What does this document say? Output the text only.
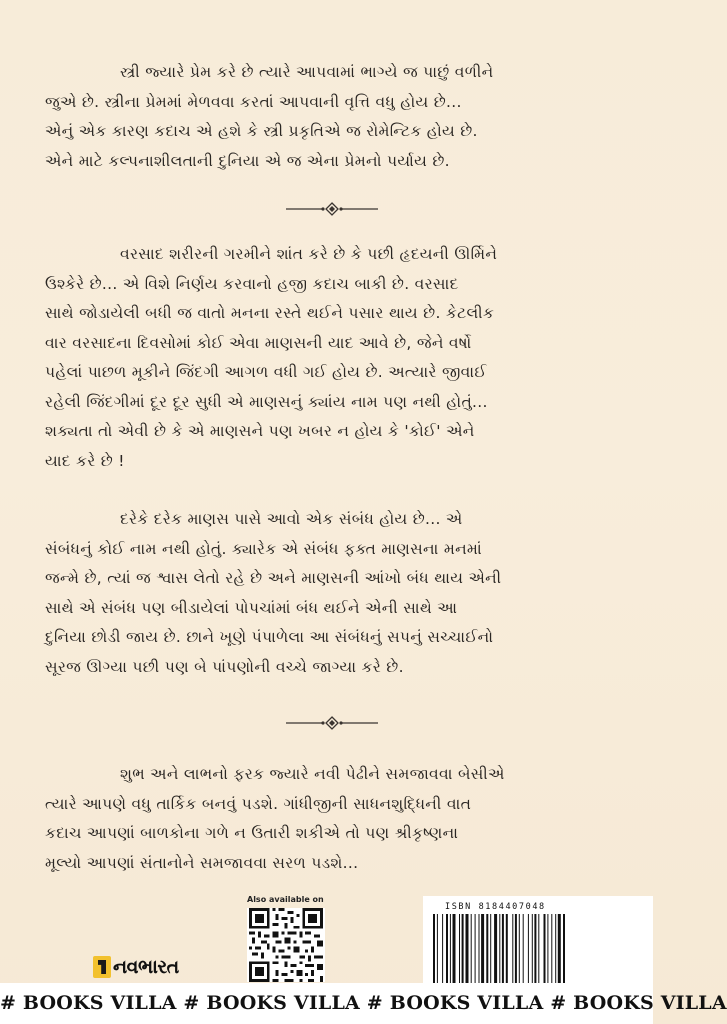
સ્ત્રી જ્યારે પ્રેમ કરે છે ત્યારે આપવામાં ભાગ્યે જ પાછું વળીને
જુએ છે. સ્ત્રીના પ્રેમમાં મેળવવા કરતાં આપવાની વૃત્તિ વધુ હોય છે...
એનું એક કારણ કદાચ એ હશે કે સ્ત્રી પ્રકૃતિએ જ રોમેન્ટિક હોય છે.
એને માટે કલ્પનાશીલતાની દુનિયા એ જ એના પ્રેમનો પર્યાય છે.
વરસાદ શરીરની ગરમીને શાંત કરે છે કે પછી હૃદયની ઊર્મિને
ઉશ્કેરે છે... એ વિશે નિર્ણય કરવાનો હજી કદાચ બાકી છે. વરસાદ
સાથે જોડાયેલી બધી જ વાતો મનના રસ્તે થઈને પસાર થાય છે. કેટલીક
વાર વરસાદના દિવસોમાં કોઈ એવા માણસની યાદ આવે છે, જેને વર્ષો
પહેલાં પાછળ મૂકીને જિંદગી આગળ વધી ગઈ હોય છે. અત્યારે જીવાઈ
રહેલી જિંદગીમાં દૂર દૂર સુધી એ માણસનું ક્યાંય નામ પણ નથી હોતું...
શક્યતા તો એવી છે કે એ માણસને પણ ખબર ન હોય કે 'કોઈ' એને
યાદ કરે છે !
દરેકે દરેક માણસ પાસે આવો એક સંબંધ હોય છે... એ
સંબંધનું કોઈ નામ નથી હોતું. ક્યારેક એ સંબંધ ફક્ત માણસના મનમાં
જન્મે છે, ત્યાં જ શ્વાસ લેતો રહે છે અને માણસની આંખો બંધ થાય એની
સાથે એ સંબંધ પણ બીડાયેલાં પોપચાંમાં બંધ થઈને એની સાથે આ
દુનિયા છોડી જાય છે. છાને ખૂણે પંપાળેલા આ સંબંધનું સપનું સચ્ચાઈનો
સૂરજ ઊગ્યા પછી પણ બે પાંપણોની વચ્ચે જાગ્યા કરે છે.
શુભ અને લાભનો ફરક જ્યારે નવી પેઢીને સમજાવવા બેસીએ
ત્યારે આપણે વધુ તાર્કિક બનવું પડશે. ગાંધીજીની સાધનશુદ્ધિની વાત
કદાચ આપણાં બાળકોના ગળે ન ઉતારી શકીએ તો પણ શ્રીકૃષ્ણના
મૂલ્યો આપણાં સંતાનોને સમજાવવા સરળ પડશે...
નવભારત
Also available on
ISBN 8184407048
# BOOKS VILLA # BOOKS VILLA # BOOKS VILLA # BOOKS VILLA
